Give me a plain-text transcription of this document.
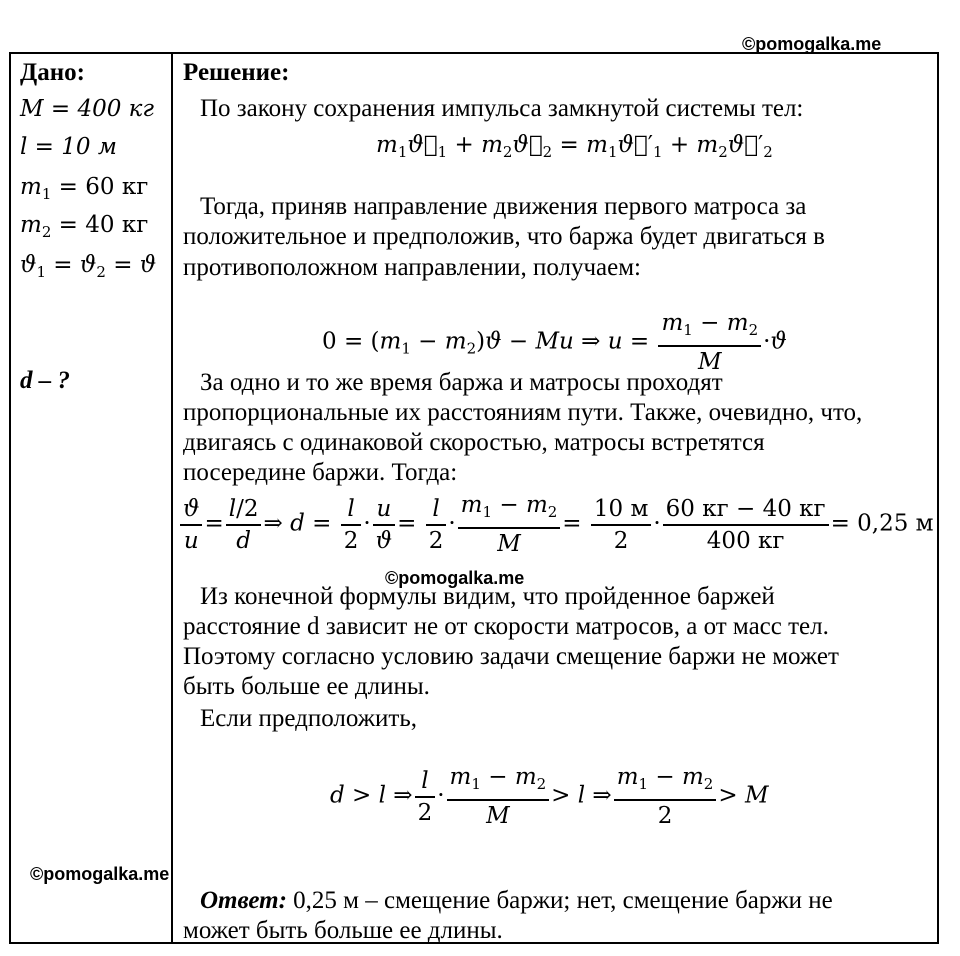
©pomogalka.me
©pomogalka.me
©pomogalka.me
Дано:
M = 400 кг
l = 10 м
$m_1 = 60$ кг
$m_2 = 40$ кг
$ϑ_1 = ϑ_2 = ϑ$
d – ?
Решение:
По закону сохранения импульса замкнутой системы тел:
$m_1ϑ⃗_1$ + $m_2ϑ⃗_2$ = $m_1ϑ⃗'_1$ + $m_2ϑ⃗'_2$
Тогда, приняв направление движения первого матроса за
положительное и предположив, что баржа будет двигаться в
противоположном направлении, получаем:
$0 = (m_1 - m_2)ϑ - Mu$ ⇒ $u = \frac{m_1 - m_2}{M} \cdot ϑ$
За одно и то же время баржа и матросы проходят
пропорциональные их расстояниям пути. Также, очевидно, что,
двигаясь с одинаковой скоростью, матросы встретятся
посередине баржи. Тогда:
$\frac{ϑ}{u} = \frac{l/2}{d}$ ⇒ $d = \frac{l}{2} \cdot \frac{u}{ϑ} = \frac{l}{2} \cdot \frac{m_1 - m_2}{M} = \frac{10 м}{2} \cdot \frac{60 кг - 40 кг}{400 кг} = 0,25$ м
Из конечной формулы видим, что пройденное баржей
расстояние d зависит не от скорости матросов, а от масс тел.
Поэтому согласно условию задачи смещение баржи не может
быть больше ее длины.
Если предположить,
d > l ⇒ $\frac{l}{2} \cdot \frac{m_1 - m_2}{M} > l$ ⇒ $\frac{m_1 - m_2}{2} > M$
Ответ: 0,25 м – смещение баржи; нет, смещение баржи не
может быть больше ее длины.
